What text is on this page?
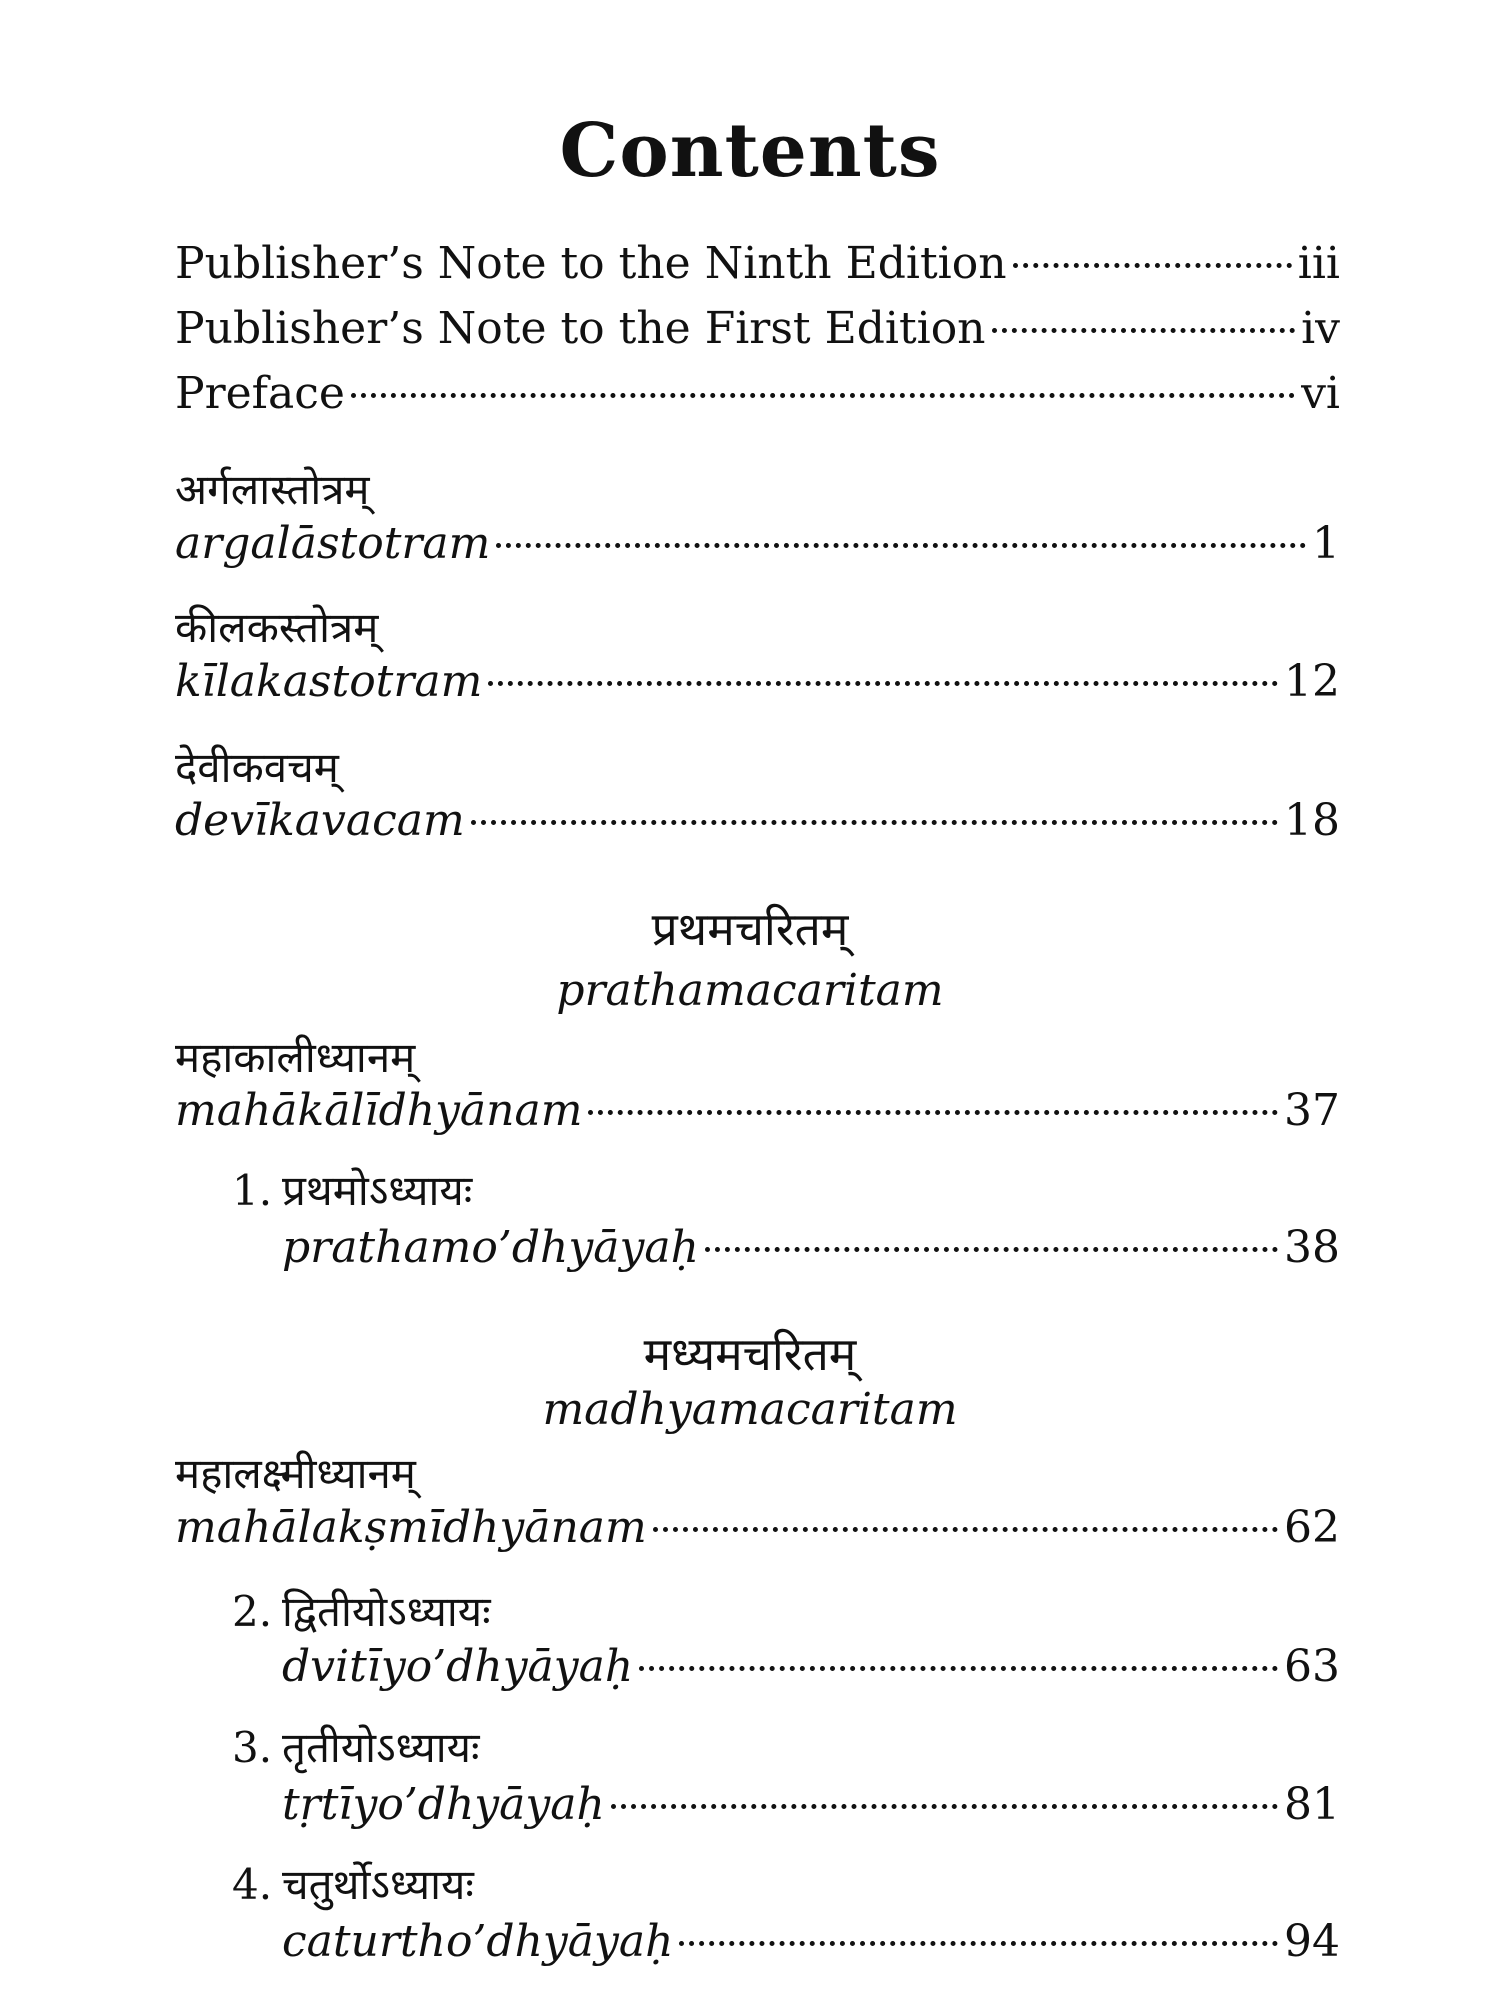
Contents
Publisher’s Note to the Ninth Edition	iii
Publisher’s Note to the First Edition	iv
Preface	vi
अर्गलास्तोत्रम्
argalāstotram	1
कीलकस्तोत्रम्
kīlakastotram	12
देवीकवचम्
devīkavacam	18
प्रथमचरितम्
prathamacaritam
महाकालीध्यानम्
mahākālīdhyānam	37
1. प्रथमोऽध्यायः
prathamo’dhyāyaḥ	38
मध्यमचरितम्
madhyamacaritam
महालक्ष्मीध्यानम्
mahālakṣmīdhyānam	62
2. द्वितीयोऽध्यायः
dvitīyo’dhyāyaḥ	63
3. तृतीयोऽध्यायः
tṛtīyo’dhyāyaḥ	81
4. चतुर्थोऽध्यायः
caturtho’dhyāyaḥ	94
